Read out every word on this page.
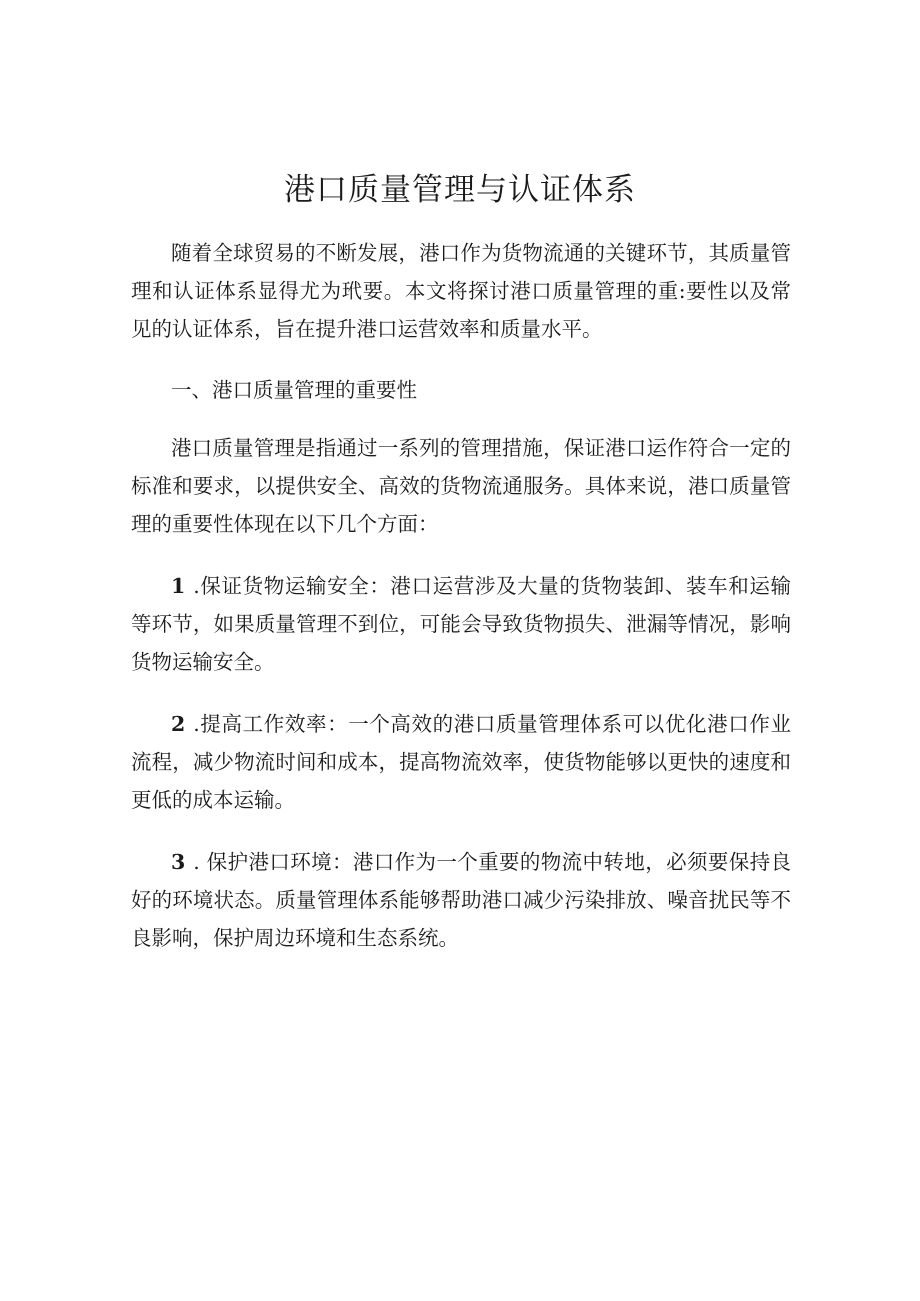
港口质量管理与认证体系

随着全球贸易的不断发展，港口作为货物流通的关键环节，其质量管理和认证体系显得尤为玳要。本文将探讨港口质量管理的重:要性以及常见的认证体系，旨在提升港口运营效率和质量水平。

一、港口质量管理的重要性

港口质量管理是指通过一系列的管理措施，保证港口运作符合一定的标准和要求，以提供安全、高效的货物流通服务。具体来说，港口质量管理的重要性体现在以下几个方面：

1 .保证货物运输安全：港口运营涉及大量的货物装卸、装车和运输等环节，如果质量管理不到位，可能会导致货物损失、泄漏等情况，影响货物运输安全。

2 .提高工作效率：一个高效的港口质量管理体系可以优化港口作业流程，减少物流时间和成本，提高物流效率，使货物能够以更快的速度和更低的成本运输。

3 . 保护港口环境：港口作为一个重要的物流中转地，必须要保持良好的环境状态。质量管理体系能够帮助港口减少污染排放、噪音扰民等不良影响，保护周边环境和生态系统。
